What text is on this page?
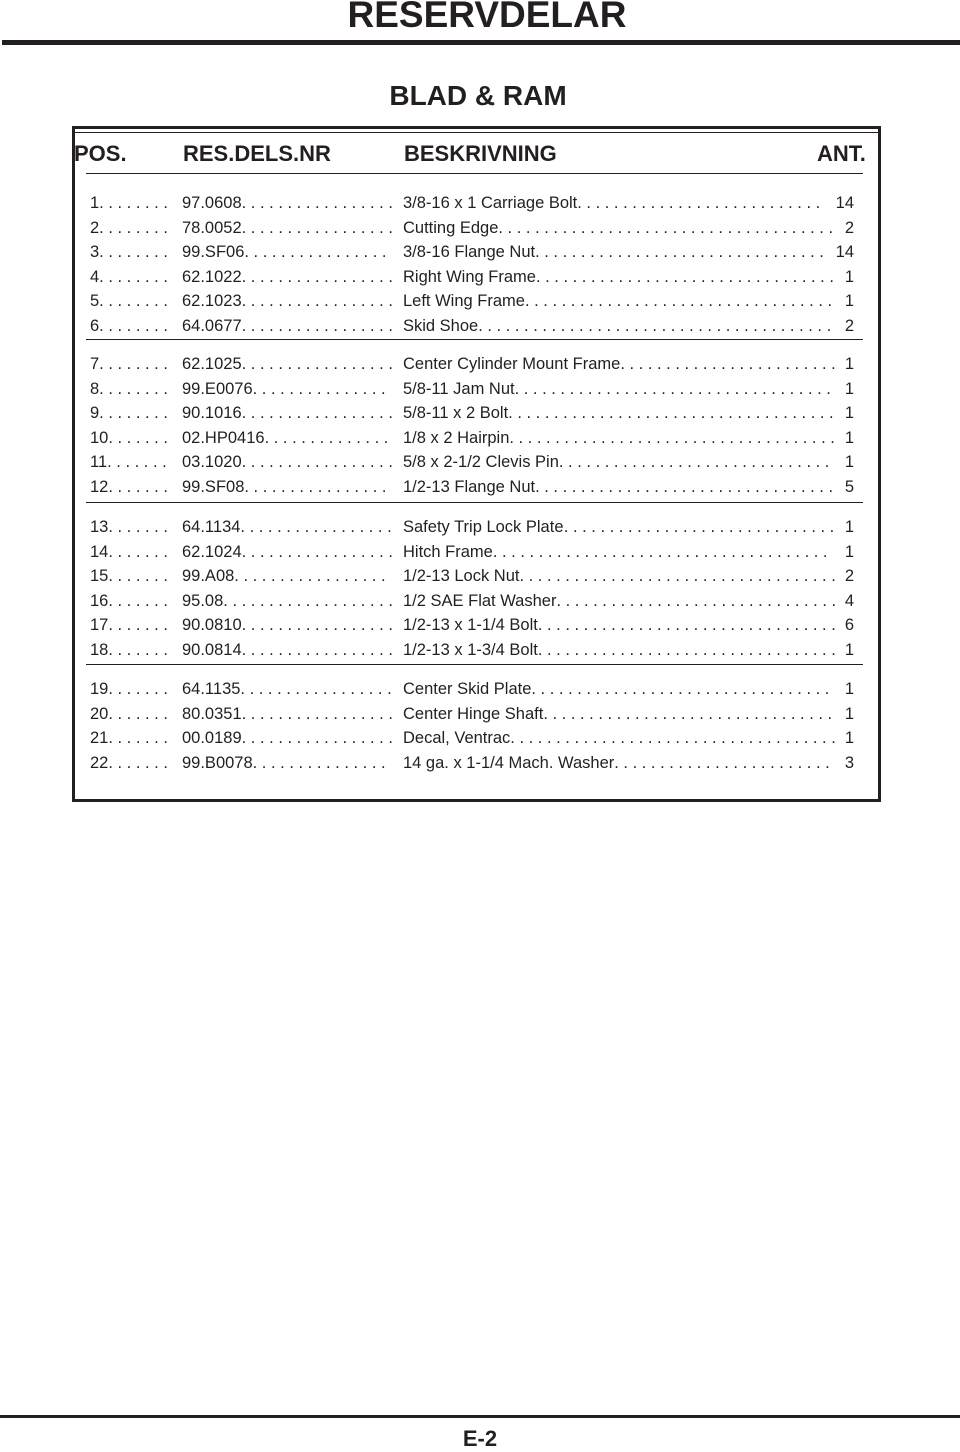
RESERVDELAR
BLAD & RAM
POS.	RES.DELS.NR	BESKRIVNING	ANT.
1	97.0608	3/8-16 x 1 Carriage Bolt	14
. . . . . . . .	. . . . . . . . . . . . . . . . .	. . . . . . . . . . . . . . . . . . . . . . . . . . .
2	78.0052	Cutting Edge	2
. . . . . . . .	. . . . . . . . . . . . . . . . .	. . . . . . . . . . . . . . . . . . . . . . . . . . . . . . . . . . . . .
3	99.SF06	3/8-16 Flange Nut	14
. . . . . . . .	. . . . . . . . . . . . . . . .	. . . . . . . . . . . . . . . . . . . . . . . . . . . . . . . .
4	62.1022	Right Wing Frame	1
. . . . . . . .	. . . . . . . . . . . . . . . . .	. . . . . . . . . . . . . . . . . . . . . . . . . . . . . . . . .
5	62.1023	Left Wing Frame	1
. . . . . . . .	. . . . . . . . . . . . . . . . .	. . . . . . . . . . . . . . . . . . . . . . . . . . . . . . . . . .
6	64.0677	Skid Shoe	2
. . . . . . . .	. . . . . . . . . . . . . . . . .	. . . . . . . . . . . . . . . . . . . . . . . . . . . . . . . . . . . . . . .
7	62.1025	Center Cylinder Mount Frame	1
. . . . . . . .	. . . . . . . . . . . . . . . . .	. . . . . . . . . . . . . . . . . . . . . . . .
8	99.E0076	5/8-11 Jam Nut	1
. . . . . . . .	. . . . . . . . . . . . . . .	. . . . . . . . . . . . . . . . . . . . . . . . . . . . . . . . . . .
9	90.1016	5/8-11 x 2 Bolt	1
. . . . . . . .	. . . . . . . . . . . . . . . . .	. . . . . . . . . . . . . . . . . . . . . . . . . . . . . . . . . . . .
10	02.HP0416	1/8 x 2 Hairpin	1
. . . . . . .	. . . . . . . . . . . . . .	. . . . . . . . . . . . . . . . . . . . . . . . . . . . . . . . . . . .
11	03.1020	5/8 x 2-1/2 Clevis Pin	1
. . . . . . .	. . . . . . . . . . . . . . . . .	. . . . . . . . . . . . . . . . . . . . . . . . . . . . . .
12	99.SF08	1/2-13 Flange Nut	5
. . . . . . .	. . . . . . . . . . . . . . . .	. . . . . . . . . . . . . . . . . . . . . . . . . . . . . . . . .
13	64.1134	Safety Trip Lock Plate	1
. . . . . . .	. . . . . . . . . . . . . . . . .	. . . . . . . . . . . . . . . . . . . . . . . . . . . . . .
14	62.1024	Hitch Frame	1
. . . . . . .	. . . . . . . . . . . . . . . . .	. . . . . . . . . . . . . . . . . . . . . . . . . . . . . . . . . . . . .
15	99.A08	1/2-13 Lock Nut	2
. . . . . . .	. . . . . . . . . . . . . . . . .	. . . . . . . . . . . . . . . . . . . . . . . . . . . . . . . . . . .
16	95.08	1/2 SAE Flat Washer	4
. . . . . . .	. . . . . . . . . . . . . . . . . . .	. . . . . . . . . . . . . . . . . . . . . . . . . . . . . . .
17	90.0810	1/2-13 x 1-1/4 Bolt	6
. . . . . . .	. . . . . . . . . . . . . . . . .	. . . . . . . . . . . . . . . . . . . . . . . . . . . . . . . . .
18	90.0814	1/2-13 x 1-3/4 Bolt	1
. . . . . . .	. . . . . . . . . . . . . . . . .	. . . . . . . . . . . . . . . . . . . . . . . . . . . . . . . . .
19	64.1135	Center Skid Plate	1
. . . . . . .	. . . . . . . . . . . . . . . . .	. . . . . . . . . . . . . . . . . . . . . . . . . . . . . . . . .
20	80.0351	Center Hinge Shaft	1
. . . . . . .	. . . . . . . . . . . . . . . . .	. . . . . . . . . . . . . . . . . . . . . . . . . . . . . . . .
21	00.0189	Decal, Ventrac	1
. . . . . . .	. . . . . . . . . . . . . . . . .	. . . . . . . . . . . . . . . . . . . . . . . . . . . . . . . . . . . .
22	99.B0078	14 ga. x 1-1/4 Mach. Washer	3
. . . . . . .	. . . . . . . . . . . . . . .	. . . . . . . . . . . . . . . . . . . . . . . .
E-2
